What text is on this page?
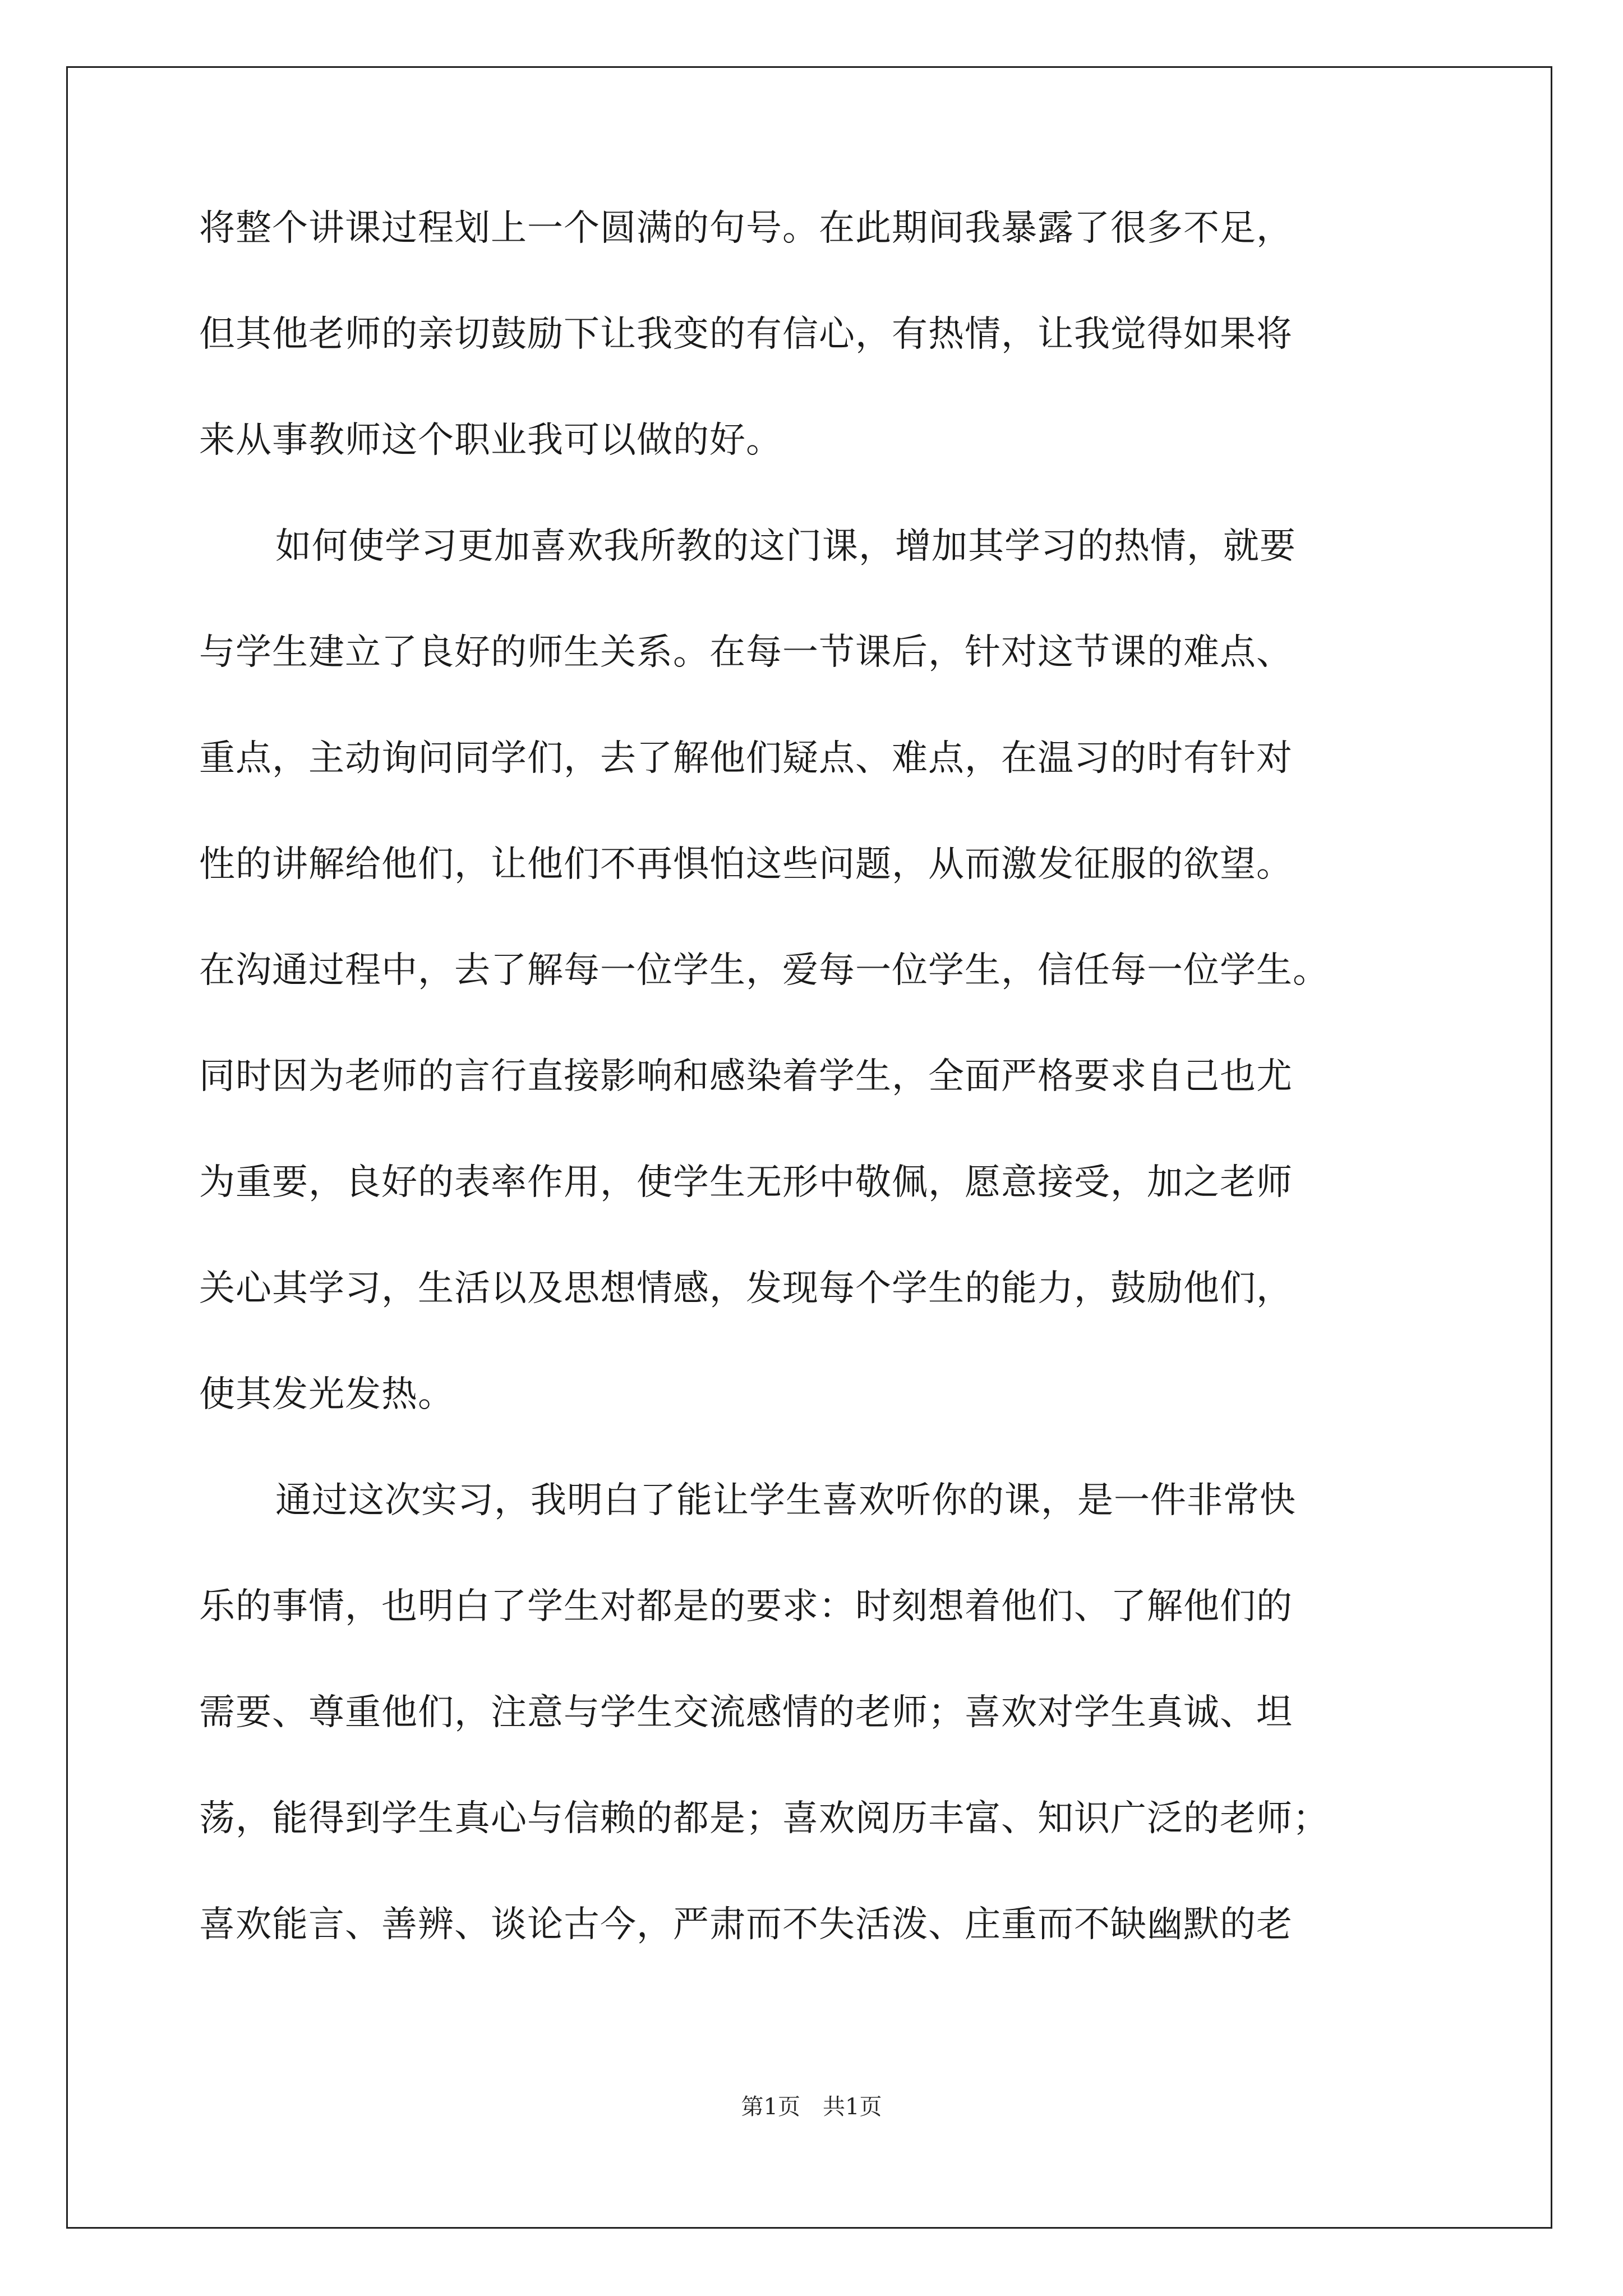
将整个讲课过程划上一个圆满的句号。在此期间我暴露了很多不足，
但其他老师的亲切鼓励下让我变的有信心，有热情，让我觉得如果将
来从事教师这个职业我可以做的好。
如何使学习更加喜欢我所教的这门课，增加其学习的热情，就要
与学生建立了良好的师生关系。在每一节课后，针对这节课的难点、
重点，主动询问同学们，去了解他们疑点、难点，在温习的时有针对
性的讲解给他们，让他们不再惧怕这些问题，从而激发征服的欲望。
在沟通过程中，去了解每一位学生，爱每一位学生，信任每一位学生。
同时因为老师的言行直接影响和感染着学生，全面严格要求自己也尤
为重要，良好的表率作用，使学生无形中敬佩，愿意接受，加之老师
关心其学习，生活以及思想情感，发现每个学生的能力，鼓励他们，
使其发光发热。
通过这次实习，我明白了能让学生喜欢听你的课，是一件非常快
乐的事情，也明白了学生对都是的要求：时刻想着他们、了解他们的
需要、尊重他们，注意与学生交流感情的老师；喜欢对学生真诚、坦
荡，能得到学生真心与信赖的都是；喜欢阅历丰富、知识广泛的老师；
喜欢能言、善辨、谈论古今，严肃而不失活泼、庄重而不缺幽默的老
第1页 共1页
